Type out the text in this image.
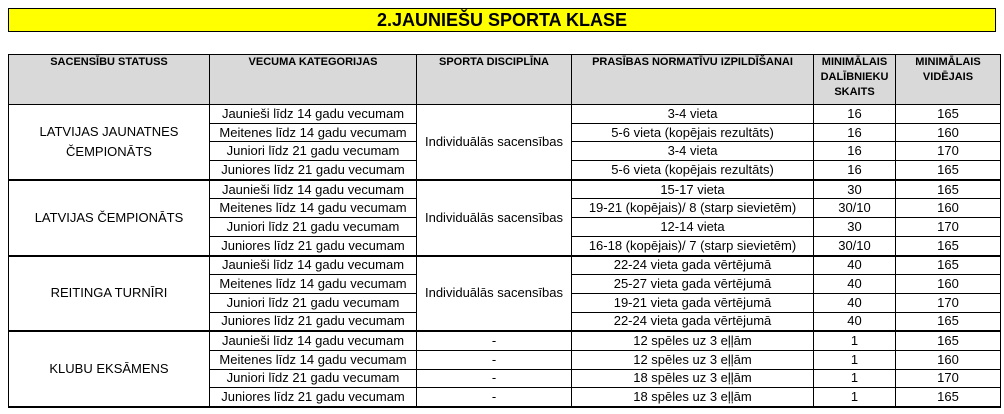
2.JAUNIEŠU SPORTA KLASE
SACENSĪBU STATUSS	VECUMA KATEGORIJAS	SPORTA DISCIPLĪNA	PRASĪBAS NORMATĪVU IZPILDĪŠANAI	MINIMĀLAIS DALĪBNIEKU SKAITS	MINIMĀLAIS VIDĒJAIS
LATVIJAS JAUNATNES ČEMPIONĀTS	Jaunieši līdz 14 gadu vecumam	Individuālās sacensības	3-4 vieta	16	165
	Meitenes līdz 14 gadu vecumam		5-6 vieta (kopējais rezultāts)	16	160
	Juniori līdz 21 gadu vecumam		3-4 vieta	16	170
	Juniores līdz 21 gadu vecumam		5-6 vieta (kopējais rezultāts)	16	165
LATVIJAS ČEMPIONĀTS	Jaunieši līdz 14 gadu vecumam	Individuālās sacensības	15-17 vieta	30	165
	Meitenes līdz 14 gadu vecumam		19-21 (kopējais)/ 8 (starp sievietēm)	30/10	160
	Juniori līdz 21 gadu vecumam		12-14 vieta	30	170
	Juniores līdz 21 gadu vecumam		16-18 (kopējais)/ 7 (starp sievietēm)	30/10	165
REITINGA TURNĪRI	Jaunieši līdz 14 gadu vecumam	Individuālās sacensības	22-24 vieta gada vērtējumā	40	165
	Meitenes līdz 14 gadu vecumam		25-27 vieta gada vērtējumā	40	160
	Juniori līdz 21 gadu vecumam		19-21 vieta gada vērtējumā	40	170
	Juniores līdz 21 gadu vecumam		22-24 vieta gada vērtējumā	40	165
KLUBU EKSĀMENS	Jaunieši līdz 14 gadu vecumam	-	12 spēles uz 3 eļļām	1	165
	Meitenes līdz 14 gadu vecumam	-	12 spēles uz 3 eļļām	1	160
	Juniori līdz 21 gadu vecumam	-	18 spēles uz 3 eļļām	1	170
	Juniores līdz 21 gadu vecumam	-	18 spēles uz 3 eļļām	1	165
